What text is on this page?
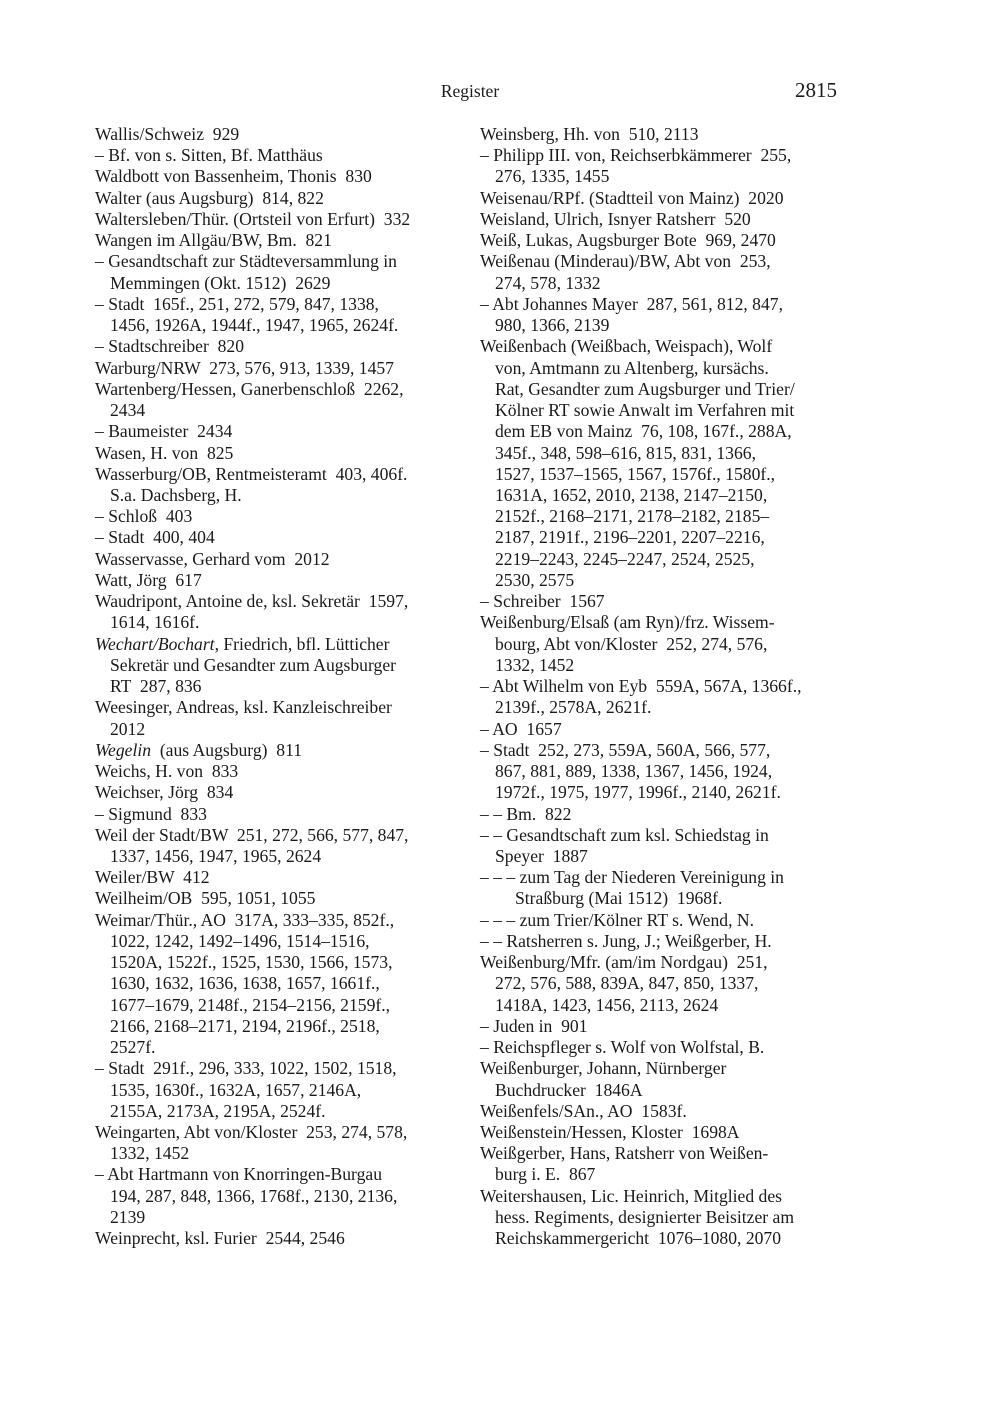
Register	2815
Wallis/Schweiz  929
– Bf. von s. Sitten, Bf. Matthäus
Waldbott von Bassenheim, Thonis  830
Walter (aus Augsburg)  814, 822
Waltersleben/Thür. (Ortsteil von Erfurt)  332
Wangen im Allgäu/BW, Bm.  821
– Gesandtschaft zur Städteversammlung in
Memmingen (Okt. 1512)  2629
– Stadt  165f., 251, 272, 579, 847, 1338,
1456, 1926A, 1944f., 1947, 1965, 2624f.
– Stadtschreiber  820
Warburg/NRW  273, 576, 913, 1339, 1457
Wartenberg/Hessen, Ganerbenschloß  2262,
2434
– Baumeister  2434
Wasen, H. von  825
Wasserburg/OB, Rentmeisteramt  403, 406f.
S.a. Dachsberg, H.
– Schloß  403
– Stadt  400, 404
Wasservasse, Gerhard vom  2012
Watt, Jörg  617
Waudripont, Antoine de, ksl. Sekretär  1597,
1614, 1616f.
Wechart/Bochart, Friedrich, bfl. Lütticher
Sekretär und Gesandter zum Augsburger
RT  287, 836
Weesinger, Andreas, ksl. Kanzleischreiber
2012
Wegelin  (aus Augsburg)  811
Weichs, H. von  833
Weichser, Jörg  834
– Sigmund  833
Weil der Stadt/BW  251, 272, 566, 577, 847,
1337, 1456, 1947, 1965, 2624
Weiler/BW  412
Weilheim/OB  595, 1051, 1055
Weimar/Thür., AO  317A, 333–335, 852f.,
1022, 1242, 1492–1496, 1514–1516,
1520A, 1522f., 1525, 1530, 1566, 1573,
1630, 1632, 1636, 1638, 1657, 1661f.,
1677–1679, 2148f., 2154–2156, 2159f.,
2166, 2168–2171, 2194, 2196f., 2518,
2527f.
– Stadt  291f., 296, 333, 1022, 1502, 1518,
1535, 1630f., 1632A, 1657, 2146A,
2155A, 2173A, 2195A, 2524f.
Weingarten, Abt von/Kloster  253, 274, 578,
1332, 1452
– Abt Hartmann von Knorringen-Burgau
194, 287, 848, 1366, 1768f., 2130, 2136,
2139
Weinprecht, ksl. Furier  2544, 2546
Weinsberg, Hh. von  510, 2113
– Philipp III. von, Reichserbkämmerer  255,
276, 1335, 1455
Weisenau/RPf. (Stadtteil von Mainz)  2020
Weisland, Ulrich, Isnyer Ratsherr  520
Weiß, Lukas, Augsburger Bote  969, 2470
Weißenau (Minderau)/BW, Abt von  253,
274, 578, 1332
– Abt Johannes Mayer  287, 561, 812, 847,
980, 1366, 2139
Weißenbach (Weißbach, Weispach), Wolf
von, Amtmann zu Altenberg, kursächs.
Rat, Gesandter zum Augsburger und Trier/
Kölner RT sowie Anwalt im Verfahren mit
dem EB von Mainz  76, 108, 167f., 288A,
345f., 348, 598–616, 815, 831, 1366,
1527, 1537–1565, 1567, 1576f., 1580f.,
1631A, 1652, 2010, 2138, 2147–2150,
2152f., 2168–2171, 2178–2182, 2185–
2187, 2191f., 2196–2201, 2207–2216,
2219–2243, 2245–2247, 2524, 2525,
2530, 2575
– Schreiber  1567
Weißenburg/Elsaß (am Ryn)/frz. Wissem-
bourg, Abt von/Kloster  252, 274, 576,
1332, 1452
– Abt Wilhelm von Eyb  559A, 567A, 1366f.,
2139f., 2578A, 2621f.
– AO  1657
– Stadt  252, 273, 559A, 560A, 566, 577,
867, 881, 889, 1338, 1367, 1456, 1924,
1972f., 1975, 1977, 1996f., 2140, 2621f.
– – Bm.  822
– – Gesandtschaft zum ksl. Schiedstag in
Speyer  1887
– – – zum Tag der Niederen Vereinigung in
Straßburg (Mai 1512)  1968f.
– – – zum Trier/Kölner RT s. Wend, N.
– – Ratsherren s. Jung, J.; Weißgerber, H.
Weißenburg/Mfr. (am/im Nordgau)  251,
272, 576, 588, 839A, 847, 850, 1337,
1418A, 1423, 1456, 2113, 2624
– Juden in  901
– Reichspfleger s. Wolf von Wolfstal, B.
Weißenburger, Johann, Nürnberger
Buchdrucker  1846A
Weißenfels/SAn., AO  1583f.
Weißenstein/Hessen, Kloster  1698A
Weißgerber, Hans, Ratsherr von Weißen-
burg i. E.  867
Weitershausen, Lic. Heinrich, Mitglied des
hess. Regiments, designierter Beisitzer am
Reichskammergericht  1076–1080, 2070
